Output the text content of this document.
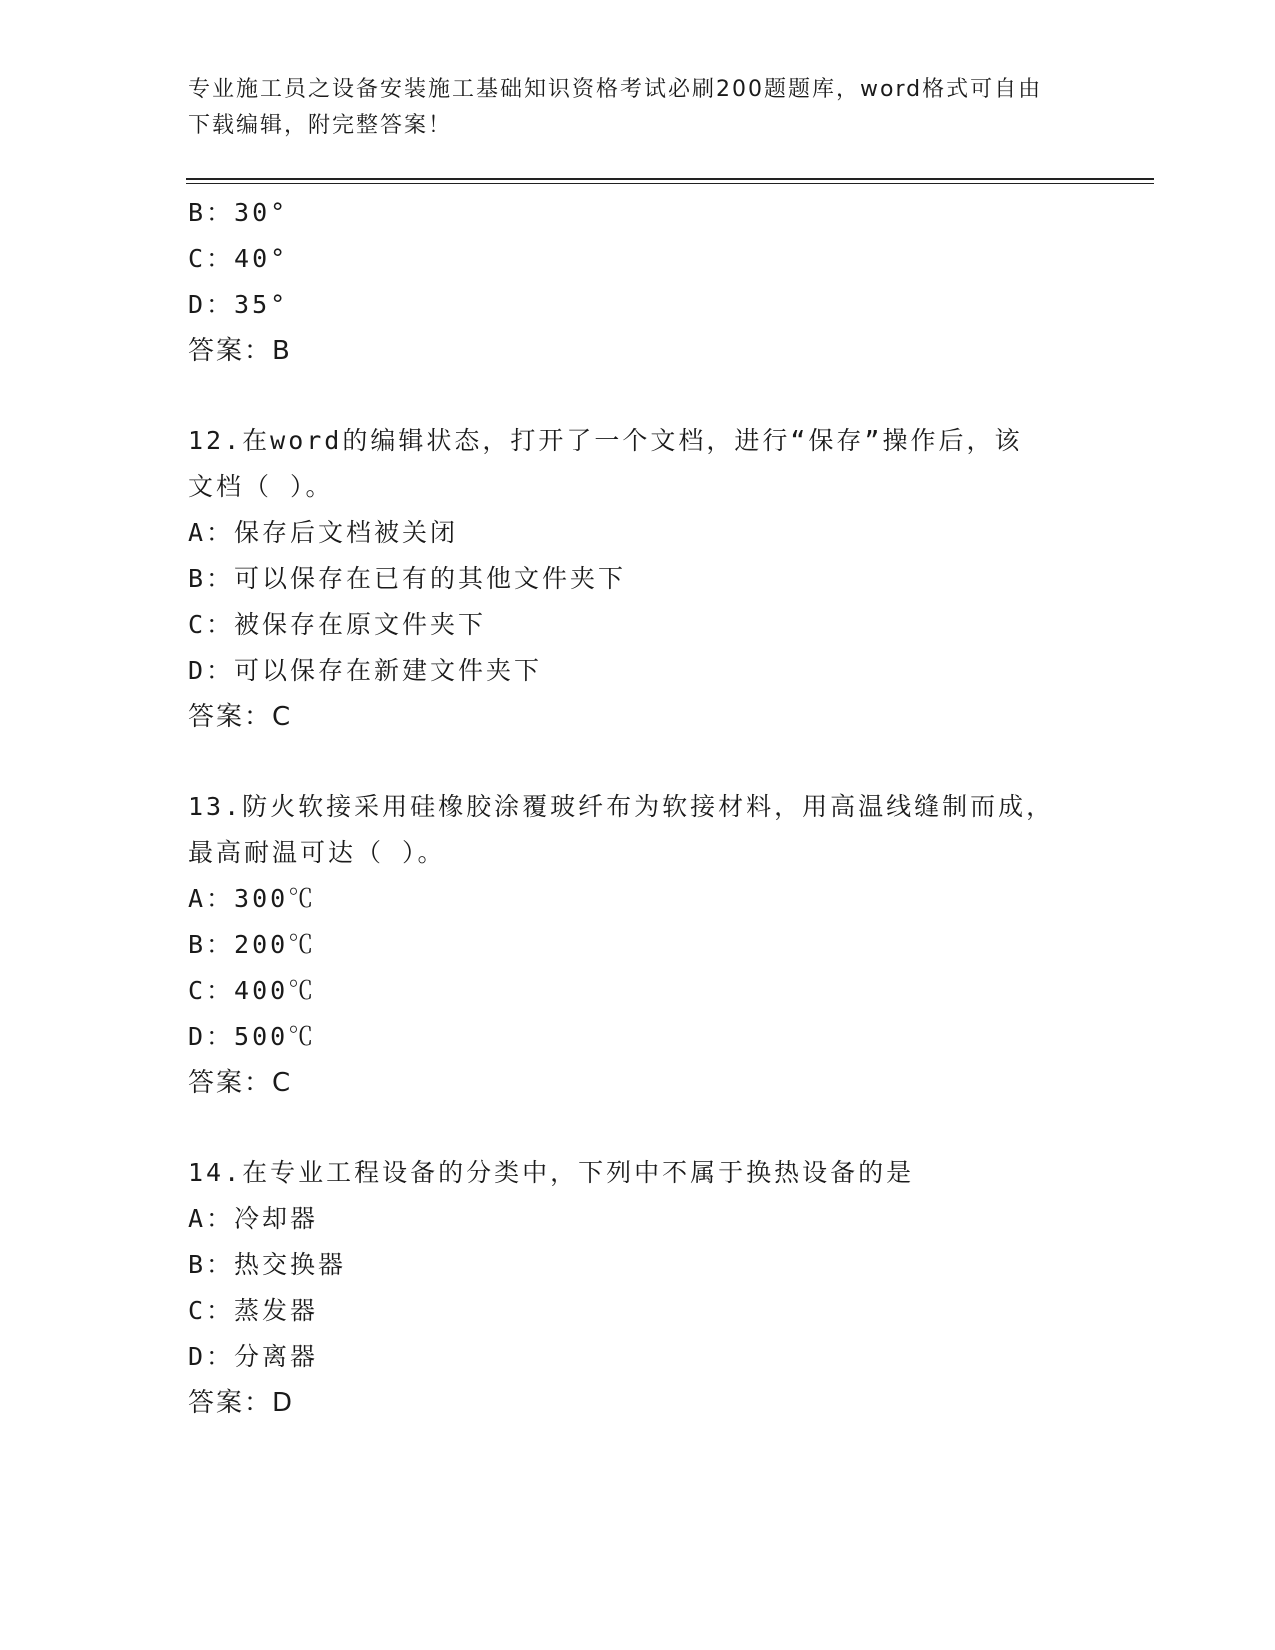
专业施工员之设备安装施工基础知识资格考试必刷200题题库，word格式可自由
下载编辑，附完整答案！
B：30°
C：40°
D：35°
答案：B
12.在word的编辑状态，打开了一个文档，进行“保存”操作后，该
文档（ ）。
A：保存后文档被关闭
B：可以保存在已有的其他文件夹下
C：被保存在原文件夹下
D：可以保存在新建文件夹下
答案：C
13.防火软接采用硅橡胶涂覆玻纤布为软接材料，用高温线缝制而成，
最高耐温可达（ ）。
A：300℃
B：200℃
C：400℃
D：500℃
答案：C
14.在专业工程设备的分类中，下列中不属于换热设备的是
A：冷却器
B：热交换器
C：蒸发器
D：分离器
答案：D
